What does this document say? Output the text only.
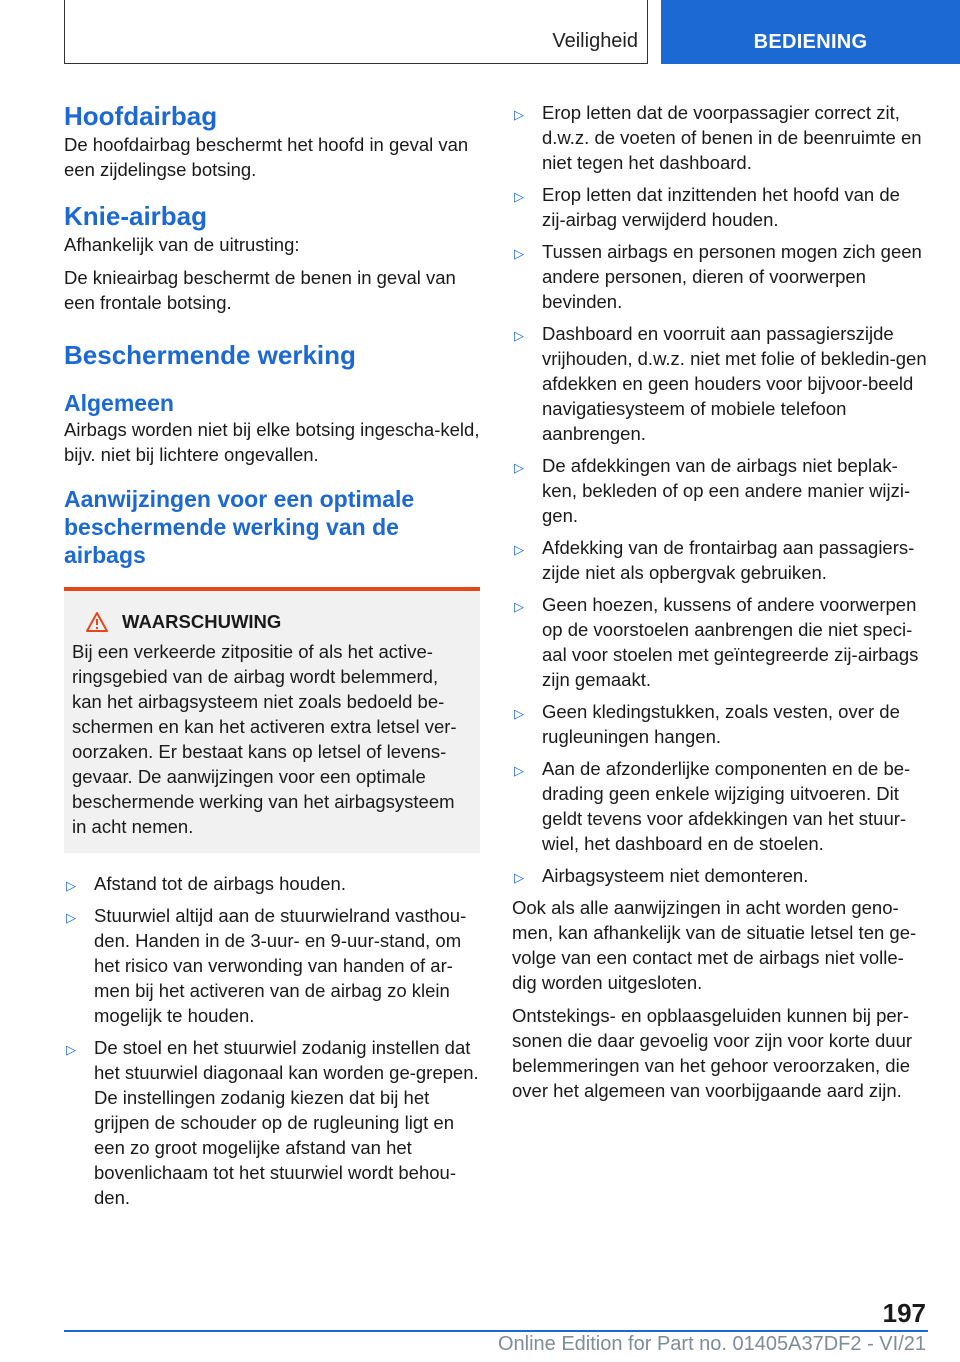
Veiligheid	BEDIENING
Hoofdairbag

De hoofdairbag beschermt het hoofd in geval van een zijdelingse botsing.

Knie-airbag

Afhankelijk van de uitrusting:

De knieairbag beschermt de benen in geval van een frontale botsing.

Beschermende werking
Algemeen

Airbags worden niet bij elke botsing ingescha‐keld, bijv. niet bij lichtere ongevallen.

Aanwijzingen voor een optimale beschermende werking van de airbags
WAARSCHUWING

Bij een verkeerde zitpositie of als het active‐ringsgebied van de airbag wordt belemmerd, kan het airbagsysteem niet zoals bedoeld be‐schermen en kan het activeren extra letsel ver‐oorzaken. Er bestaat kans op letsel of levens‐gevaar. De aanwijzingen voor een optimale beschermende werking van het airbagsysteem in acht nemen.

▷ Afstand tot de airbags houden.
▷ Stuurwiel altijd aan de stuurwielrand vasthou‐den. Handen in de 3-uur- en 9-uur-stand, om het risico van verwonding van handen of ar‐men bij het activeren van de airbag zo klein mogelijk te houden.
▷ De stoel en het stuurwiel zodanig instellen dat het stuurwiel diagonaal kan worden ge‐grepen. De instellingen zodanig kiezen dat bij het grijpen de schouder op de rugleuning ligt en een zo groot mogelijke afstand van het bovenlichaam tot het stuurwiel wordt behou‐den.
▷ Erop letten dat de voorpassagier correct zit, d.w.z. de voeten of benen in de beenruimte en niet tegen het dashboard.
▷ Erop letten dat inzittenden het hoofd van de zij-airbag verwijderd houden.
▷ Tussen airbags en personen mogen zich geen andere personen, dieren of voorwerpen bevinden.
▷ Dashboard en voorruit aan passagierszijde vrijhouden, d.w.z. niet met folie of bekledin‐gen afdekken en geen houders voor bijvoor‐beeld navigatiesysteem of mobiele telefoon aanbrengen.
▷ De afdekkingen van de airbags niet beplak‐ken, bekleden of op een andere manier wijzi‐gen.
▷ Afdekking van de frontairbag aan passagiers‐zijde niet als opbergvak gebruiken.
▷ Geen hoezen, kussens of andere voorwerpen op de voorstoelen aanbrengen die niet speci‐aal voor stoelen met geïntegreerde zij-airbags zijn gemaakt.
▷ Geen kledingstukken, zoals vesten, over de rugleuningen hangen.
▷ Aan de afzonderlijke componenten en de be‐drading geen enkele wijziging uitvoeren. Dit geldt tevens voor afdekkingen van het stuur‐wiel, het dashboard en de stoelen.
▷ Airbagsysteem niet demonteren.

Ook als alle aanwijzingen in acht worden geno‐men, kan afhankelijk van de situatie letsel ten ge‐volge van een contact met de airbags niet volle‐dig worden uitgesloten.

Ontstekings- en opblaasgeluiden kunnen bij per‐sonen die daar gevoelig voor zijn voor korte duur belemmeringen van het gehoor veroorzaken, die over het algemeen van voorbijgaande aard zijn.

197
Online Edition for Part no. 01405A37DF2 - VI/21
